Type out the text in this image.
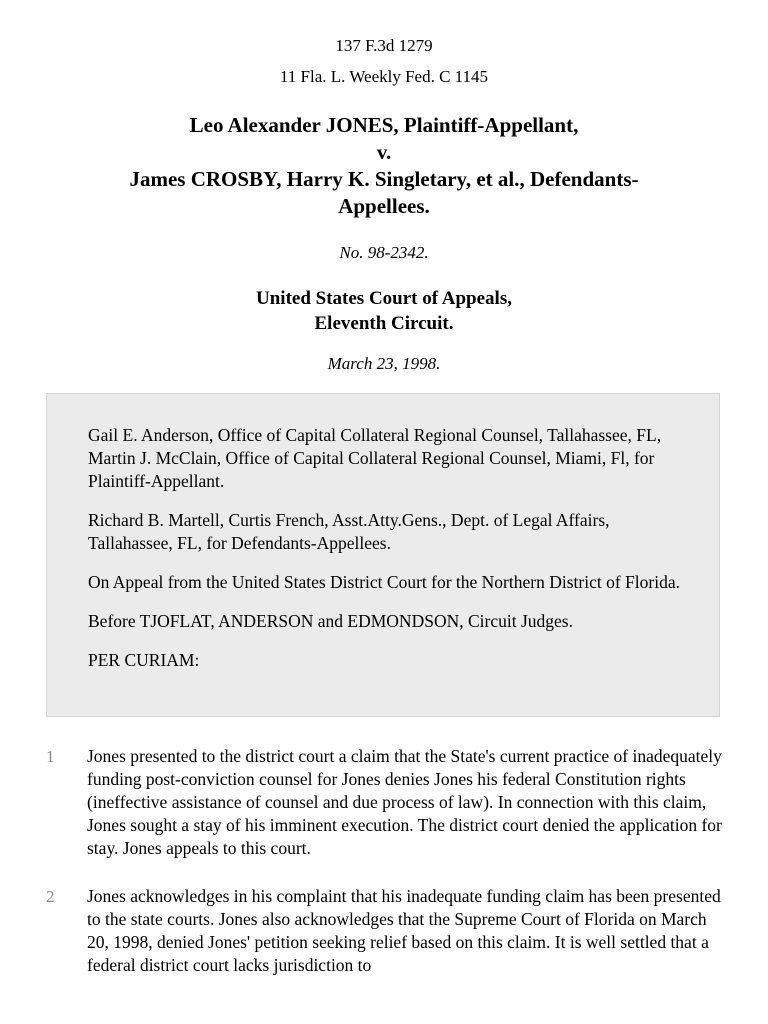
137 F.3d 1279
11 Fla. L. Weekly Fed. C 1145
Leo Alexander JONES, Plaintiff-Appellant,
v.
James CROSBY, Harry K. Singletary, et al., Defendants-
Appellees.
No. 98-2342.
United States Court of Appeals,
Eleventh Circuit.
March 23, 1998.

Gail E. Anderson, Office of Capital Collateral Regional Counsel, Tallahassee, FL, Martin J. McClain, Office of Capital Collateral Regional Counsel, Miami, Fl, for Plaintiff-Appellant.

Richard B. Martell, Curtis French, Asst.Atty.Gens., Dept. of Legal Affairs, Tallahassee, FL, for Defendants-Appellees.

On Appeal from the United States District Court for the Northern District of Florida.

Before TJOFLAT, ANDERSON and EDMONDSON, Circuit Judges.

PER CURIAM:

1 Jones presented to the district court a claim that the State's current practice of inadequately funding post-conviction counsel for Jones denies Jones his federal Constitution rights (ineffective assistance of counsel and due process of law). In connection with this claim, Jones sought a stay of his imminent execution. The district court denied the application for stay. Jones appeals to this court.
2 Jones acknowledges in his complaint that his inadequate funding claim has been presented to the state courts. Jones also acknowledges that the Supreme Court of Florida on March 20, 1998, denied Jones' petition seeking relief based on this claim. It is well settled that a federal district court lacks jurisdiction to
